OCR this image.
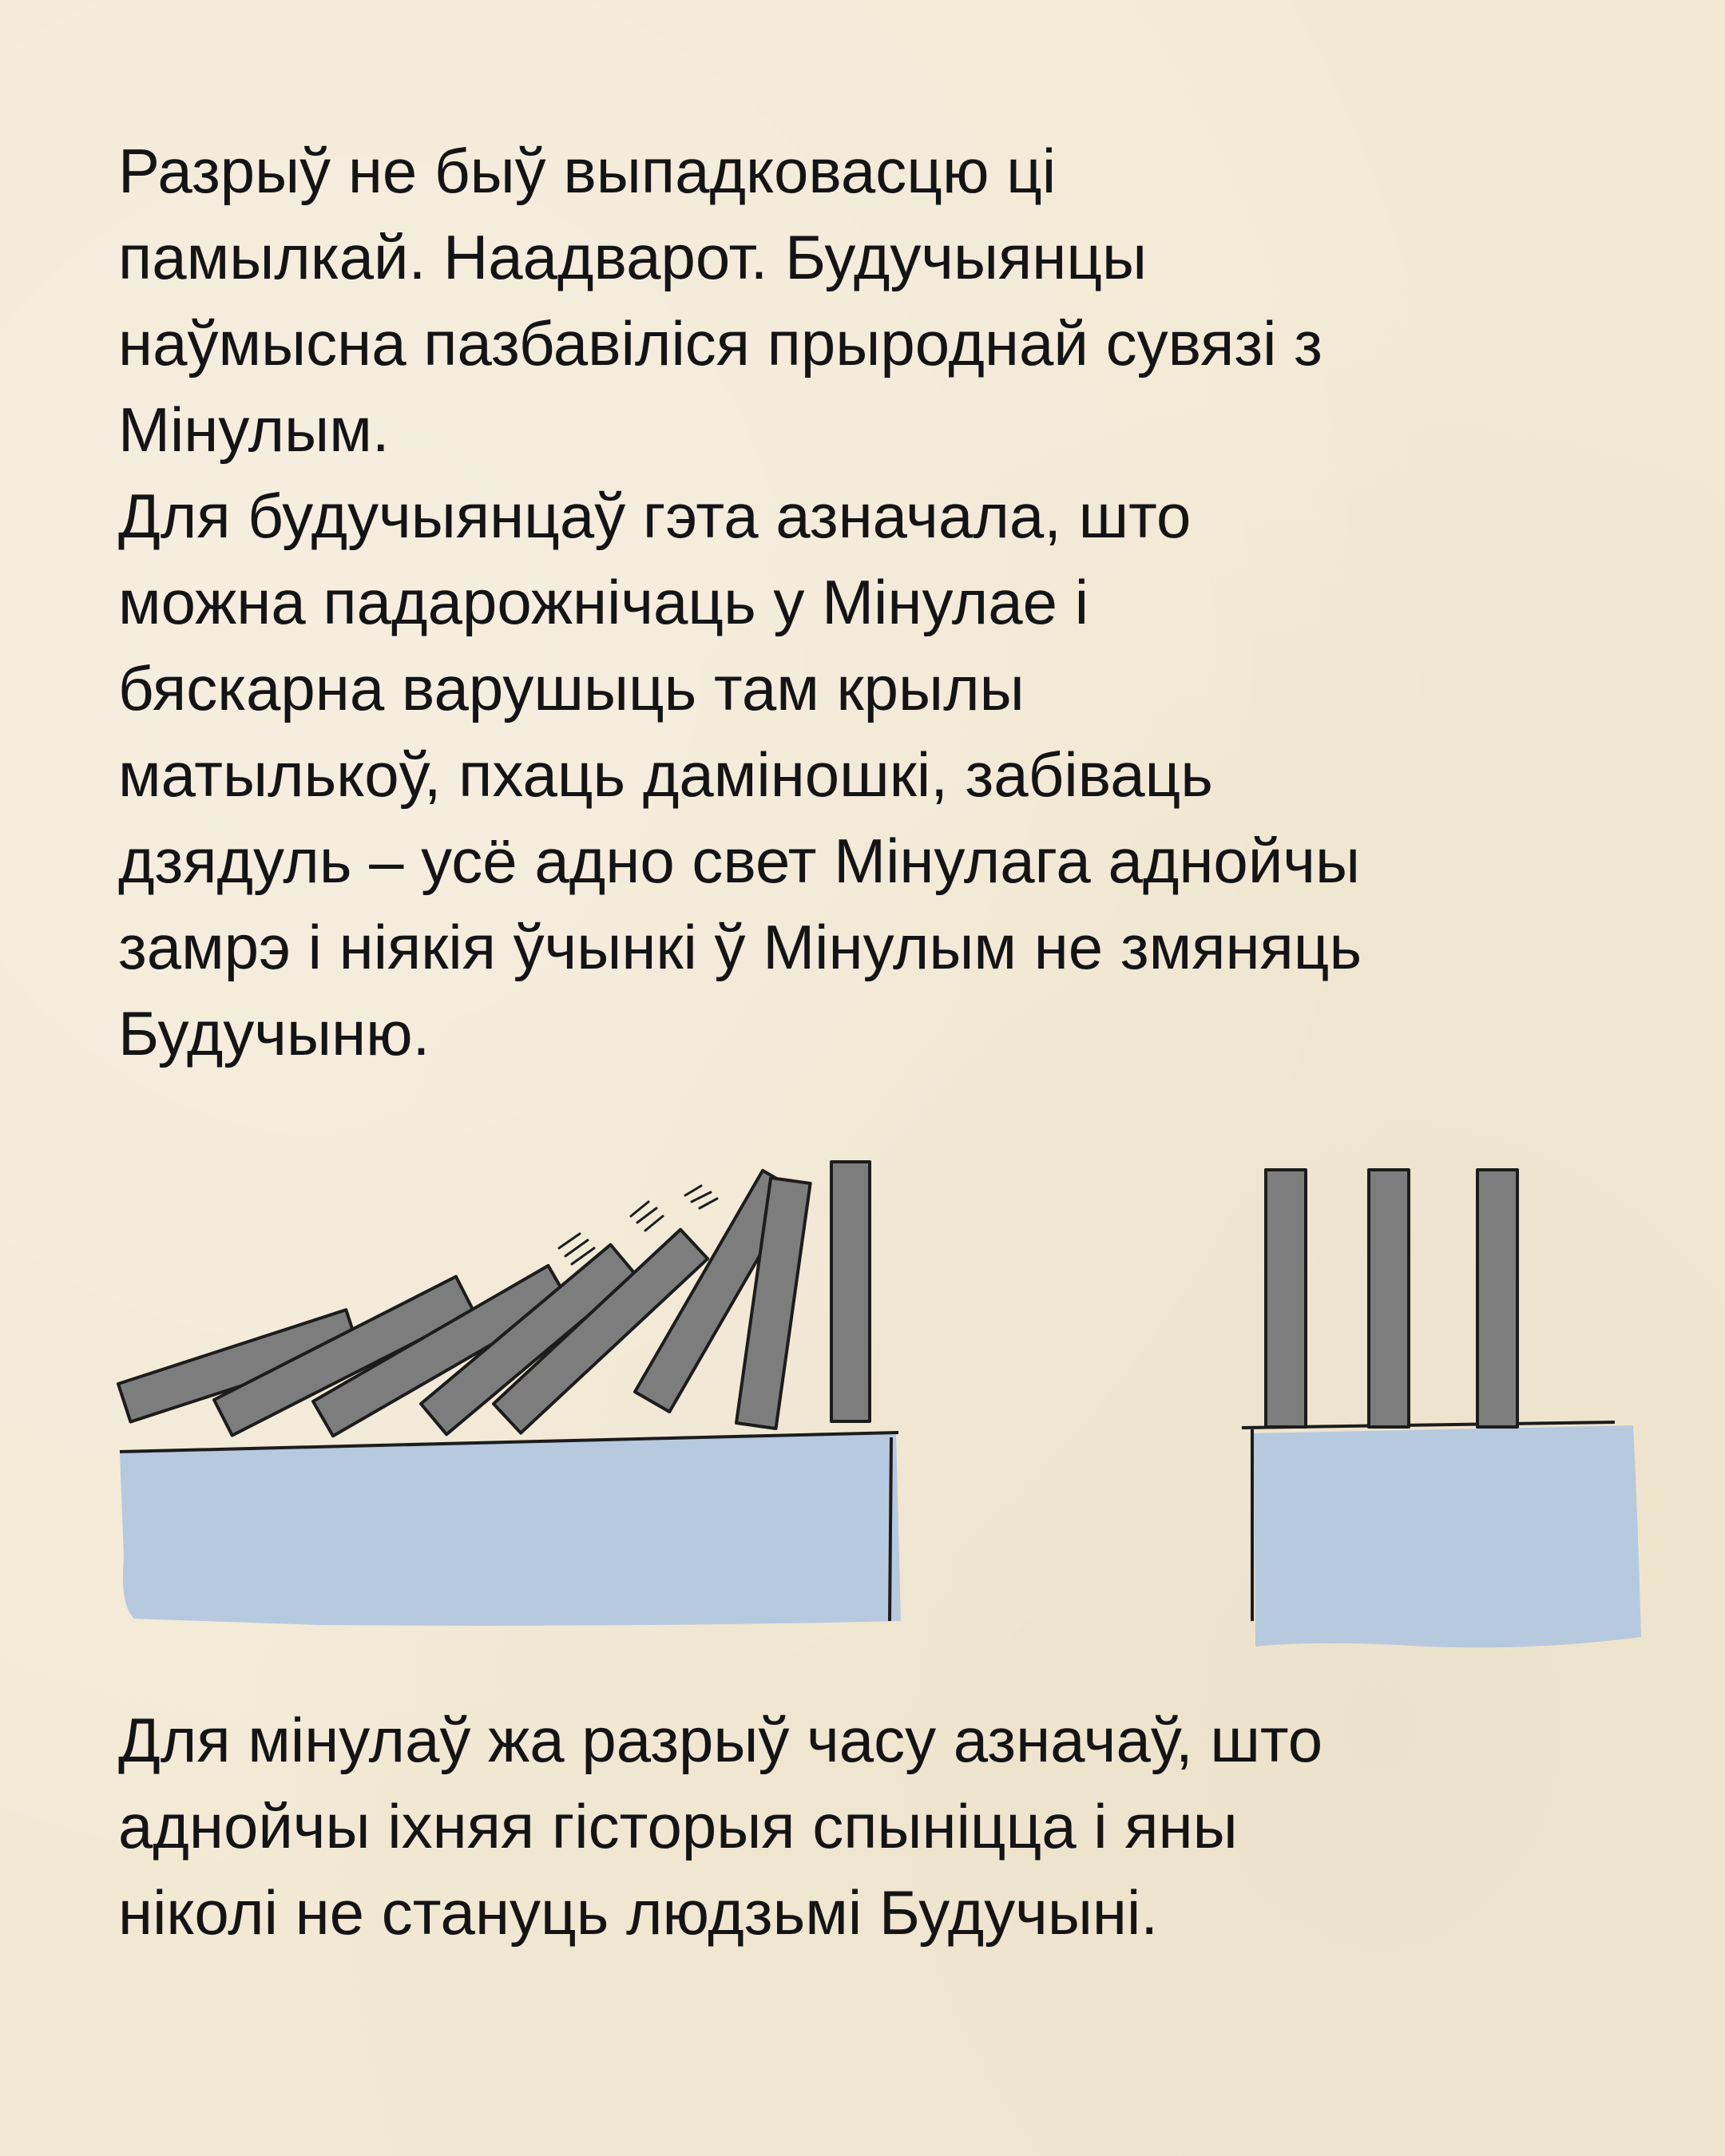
Разрыў не быў выпадковасцю ці
памылкай. Наадварот. Будучыянцы
наўмысна пазбавіліся прыроднай сувязі з
Мінулым.

Для будучыянцаў гэта азначала, што
можна падарожнічаць у Мінулае і
бяскарна варушыць там крылы
матылькоў, пхаць даміношкі, забіваць
дзядуль – усё адно свет Мінулага аднойчы
замрэ і ніякія ўчынкі ў Мінулым не змяняць
Будучыню.

Для мінулаў жа разрыў часу азначаў, што
аднойчы іхняя гісторыя спыніцца і яны
ніколі не стануць людзьмі Будучыні.
